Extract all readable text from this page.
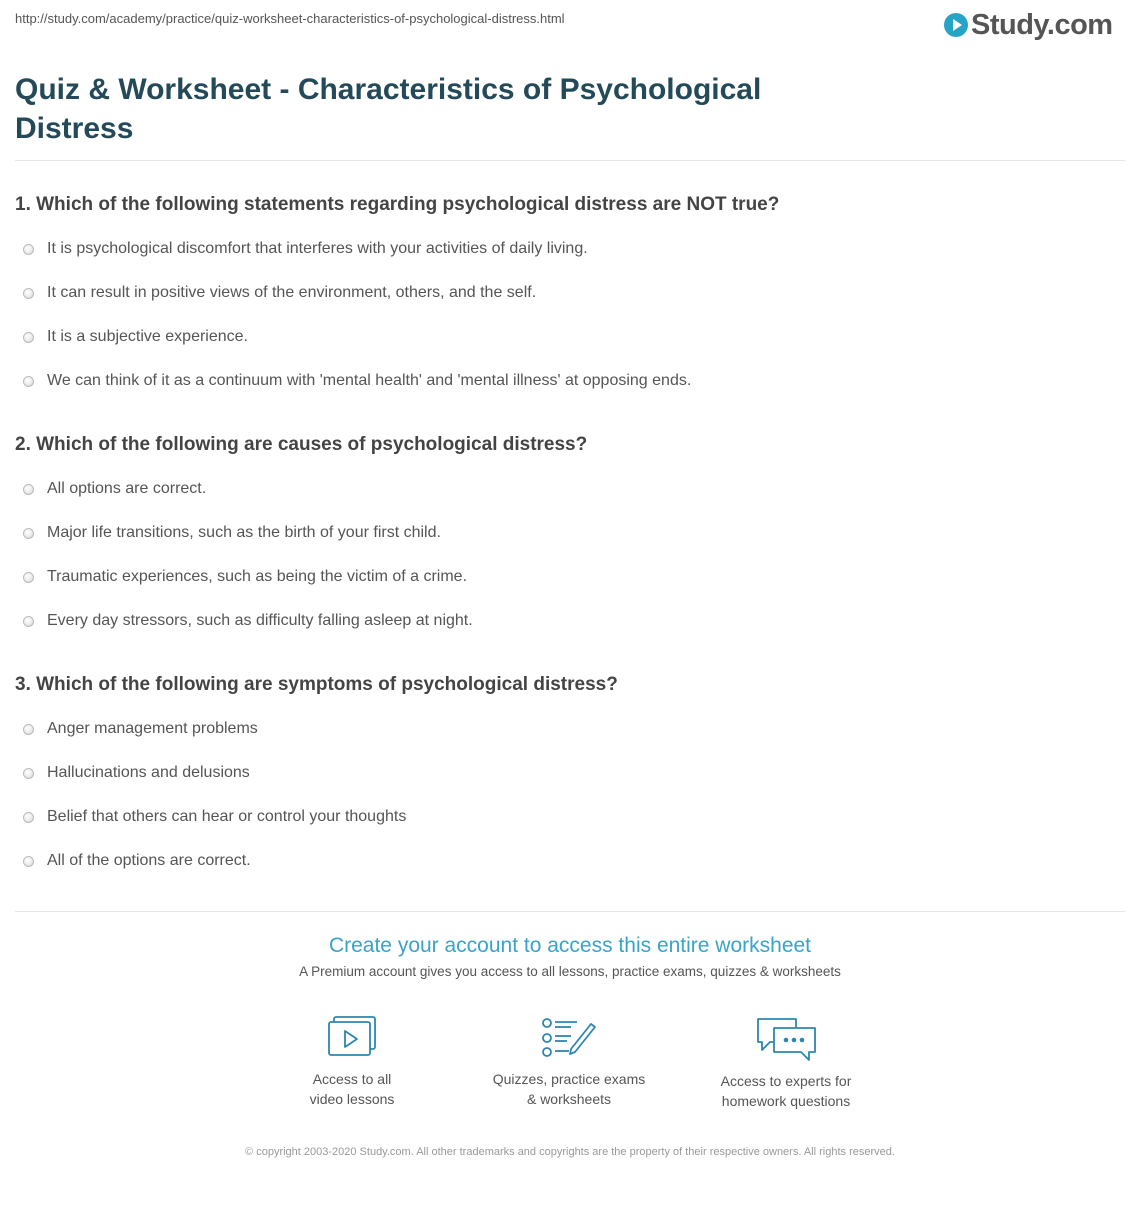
http://study.com/academy/practice/quiz-worksheet-characteristics-of-psychological-distress.html	Study.com
Quiz & Worksheet - Characteristics of Psychological Distress
1. Which of the following statements regarding psychological distress are NOT true?
It is psychological discomfort that interferes with your activities of daily living.
It can result in positive views of the environment, others, and the self.
It is a subjective experience.
We can think of it as a continuum with 'mental health' and 'mental illness' at opposing ends.
2. Which of the following are causes of psychological distress?
All options are correct.
Major life transitions, such as the birth of your first child.
Traumatic experiences, such as being the victim of a crime.
Every day stressors, such as difficulty falling asleep at night.
3. Which of the following are symptoms of psychological distress?
Anger management problems
Hallucinations and delusions
Belief that others can hear or control your thoughts
All of the options are correct.
Create your account to access this entire worksheet
A Premium account gives you access to all lessons, practice exams, quizzes & worksheets
Access to all
video lessons
Quizzes, practice exams
& worksheets
Access to experts for
homework questions
© copyright 2003-2020 Study.com. All other trademarks and copyrights are the property of their respective owners. All rights reserved.
